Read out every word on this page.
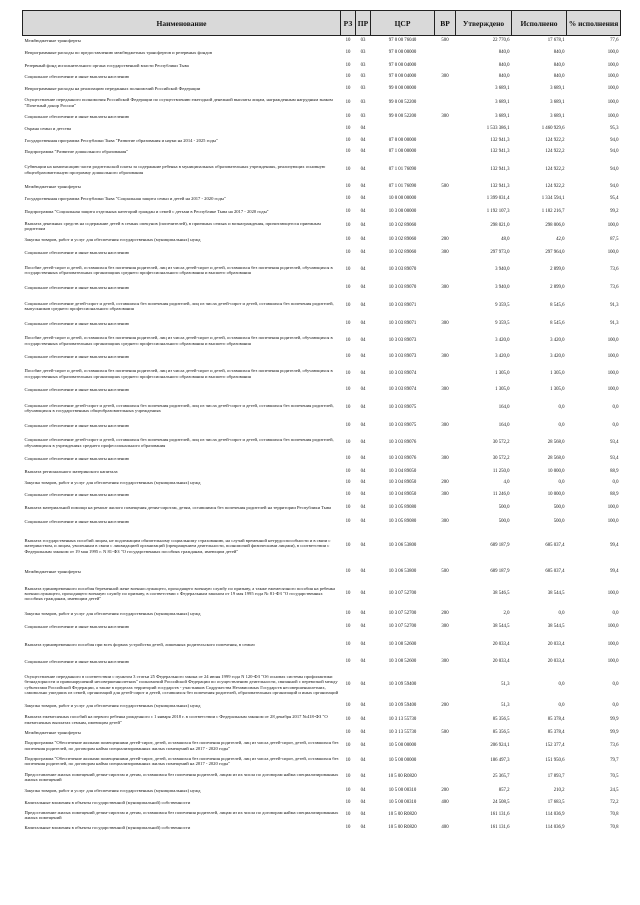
Наименование	РЗ	ПР	ЦСР	ВР	Утверждено	Исполнено	% исполнения
Межбюджетные трансферты	10	03	97 0 00 76040	500	22 770,6	17 678,1	77,6
Непрограммные расходы по предоставлению межбюджетных трансфертов и резервных фондов	10	03	97 0 00 00000		840,0	840,0	100,0
Резервный фонд исполнительного органа государственной власти Республики Тыва	10	03	97 0 00 04000		840,0	840,0	100,0
Социальное обеспечение и иные выплаты населению	10	03	97 0 00 04000	300	840,0	840,0	100,0
Непрограммные расходы на реализацию переданных полномочий Российской Федерации	10	03	99 0 00 00000		3 689,1	3 689,1	100,0
Осуществление переданного полномочия Российской Федерации по осуществлению ежегодной денежной выплаты лицам, награжденным нагрудным знаком "Почетный донор России"	10	03	99 0 00 52200		3 689,1	3 689,1	100,0
Социальное обеспечение и иные выплаты населению	10	03	99 0 00 52200	300	3 689,1	3 689,1	100,0
Охрана семьи и детства	10	04			1 533 386,1	1 460 929,6	95,3
Государственная программа Республики Тыва "Развитие образования и науки на 2014 - 2025 годы"	10	04	07 0 00 00000		132 941,3	124 922,2	94,0
Подпрограмма "Развитие дошкольного образования"	10	04	07 1 00 00000		132 941,3	124 922,2	94,0
Субвенции на компенсацию части родительской платы за содержание ребенка в муниципальных образовательных учреждениях, реализующих основную общеобразовательную программу дошкольного образования	10	04	07 1 01 76090		132 941,3	124 922,2	94,0
Межбюджетные трансферты	10	04	07 1 01 76090	500	132 941,3	124 922,2	94,0
Государственная программа Республики Тыва "Социальная защита семьи и детей на 2017 - 2020 годы"	10	04	10 0 00 00000		1 399 031,4	1 334 594,1	95,4
Подпрограмма "Социальная защита отдельных категорий граждан и семей с детьми в Республике Тыва на 2017 - 2020 годы"	10	04	10 3 00 00000		1 192 107,3	1 182 216,7	99,2
Выплата денежных средств на содержание детей в семьях опекунов (попечителей), в приемных семьях и вознаграждения, причитающегося приемным родителям	10	04	10 3 02 89060		298 021,0	298 006,0	100,0
Закупка товаров, работ и услуг для обеспечения государственных (муниципальных) нужд	10	04	10 3 02 89060	200	48,0	42,0	87,5
Социальное обеспечение и иные выплаты населению	10	04	10 3 02 89060	300	297 973,0	297 964,0	100,0
Пособие детей-сирот и детей, оставшихся без попечения родителей, лиц из числа детей-сирот и детей, оставшихся без попечения родителей, обучающихся в государственных образовательных организациях среднего профессионального образования и высшего образования	10	04	10 3 03 89070		3 940,0	2 899,0	73,6
Социальное обеспечение и иные выплаты населению	10	04	10 3 03 89070	300	3 940,0	2 899,0	73,6
Социальное обеспечение детей-сирот и детей, оставшихся без попечения родителей, лиц из числа детей-сирот и детей, оставшихся без попечения родителей, выпускников среднего профессионального образования	10	04	10 3 03 89071		9 359,5	8 545,6	91,3
Социальное обеспечение и иные выплаты населению	10	04	10 3 03 89071	300	9 359,5	8 545,6	91,3
Пособие детей-сирот и детей, оставшихся без попечения родителей, лиц из числа детей-сирот и детей, оставшихся без попечения родителей, обучающихся в государственных образовательных организациях среднего профессионального образования и высшего образования	10	04	10 3 03 89073		3 420,0	3 420,0	100,0
Социальное обеспечение и иные выплаты населению	10	04	10 3 03 89073	300	3 420,0	3 420,0	100,0
Пособие детей-сирот и детей, оставшихся без попечения родителей, лиц из числа детей-сирот и детей, оставшихся без попечения родителей, обучающихся в государственных образовательных организациях среднего профессионального образования и высшего образования	10	04	10 3 03 89074		1 305,0	1 305,0	100,0
Социальное обеспечение и иные выплаты населению	10	04	10 3 03 89074	300	1 305,0	1 305,0	100,0
Социальное обеспечение детей-сирот и детей, оставшихся без попечения родителей, лиц из числа детей-сирот и детей, оставшихся без попечения родителей, обучающихся в государственных общеобразовательных учреждениях	10	04	10 3 03 89075		164,0	0,0	0,0
Социальное обеспечение и иные выплаты населению	10	04	10 3 03 89075	300	164,0	0,0	0,0
Социальное обеспечение детей-сирот и детей, оставшихся без попечения родителей, лиц из числа детей-сирот и детей, оставшихся без попечения родителей, обучающихся в учреждениях среднего профессионального образования	10	04	10 3 03 89076		30 572,2	28 568,0	93,4
Социальное обеспечение и иные выплаты населению	10	04	10 3 03 89076	300	30 572,2	28 568,0	93,4
Выплата регионального материнского капитала	10	04	10 3 04 89050		11 250,0	10 000,0	88,9
Закупка товаров, работ и услуг для обеспечения государственных (муниципальных) нужд	10	04	10 3 04 89050	200	4,0	0,0	0,0
Социальное обеспечение и иные выплаты населению	10	04	10 3 04 89050	300	11 246,0	10 000,0	88,9
Выплата материальной помощи на ремонт жилого помещения детям-сиротам, детям, оставшимся без попечения родителей на территории Республики Тыва	10	04	10 3 05 89080		500,0	500,0	100,0
Социальное обеспечение и иные выплаты населению	10	04	10 3 05 89080	300	500,0	500,0	100,0
Выплата государственных пособий лицам, не подлежащим обязательному социальному страхованию, на случай временной нетрудоспособности и в связи с материнством, и лицам, уволенным в связи с ликвидацией организаций (прекращением деятельности, полномочий физическими лицами), в соответствии с Федеральным законом от 19 мая 1995 г. N 81-ФЗ "О государственных пособиях гражданам, имеющим детей"	10	04	10 3 06 53800		689 187,9	685 037,4	99,4
Межбюджетные трансферты	10	04	10 3 06 53800	500	689 187,9	685 037,4	99,4
Выплата единовременного пособия беременной жене военнослужащего, проходящего военную службу по призыву, а также ежемесячного пособия на ребенка военнослужащего, проходящего военную службу по призыву, в соответствии с Федеральным законом от 19 мая 1995 года № 81-ФЗ "О государственных пособиях гражданам, имеющим детей"	10	04	10 3 07 52700		38 546,5	38 544,5	100,0
Закупка товаров, работ и услуг для обеспечения государственных (муниципальных) нужд	10	04	10 3 07 52700	200	2,0	0,0	0,0
Социальное обеспечение и иные выплаты населению	10	04	10 3 07 52700	300	38 544,5	38 544,5	100,0
Выплата единовременного пособия при всех формах устройства детей, лишенных родительского попечения, в семью	10	04	10 3 08 52600		20 033,4	20 033,4	100,0
Социальное обеспечение и иные выплаты населению	10	04	10 3 08 52600	300	20 033,4	20 033,4	100,0
Осуществление переданного в соответствии с пунктом 3 статьи 25 Федерального закона от 24 июня 1999 года N 120-ФЗ "Об основах системы профилактики безнадзорности и правонарушений несовершеннолетних" полномочий Российской Федерации по осуществлению деятельности, связанной с перевозкой между субъектами Российской Федерации, а также в пределах территорий государств - участников Содружества Независимых Государств несовершеннолетних, самовольно ушедших из семей, организаций для детей-сирот и детей, оставшихся без попечения родителей, образовательных организаций и иных организаций	10	04	10 3 09 59400		51,3	0,0	0,0
Закупка товаров, работ и услуг для обеспечения государственных (муниципальных) нужд	10	04	10 3 09 59400	200	51,3	0,0	0,0
Выплата ежемесячных пособий на первого ребенка рожденного с 1 января 2018 г. в соответствии с Федеральным законом от 28 декабря 2017 №418-ФЗ "О ежемесячных выплатах семьям, имеющим детей"	10	04	10 3 13 55730		85 356,5	85 378,4	99,9
Межбюджетные трансферты	10	04	10 3 13 55730	500	85 356,5	85 378,4	99,9
Подпрограмма "Обеспечение жилыми помещениями детей-сирот, детей, оставшихся без попечения родителей, лиц из числа детей-сирот, детей, оставшихся без попечения родителей, по договорам найма специализированных жилых помещений на 2017 - 2020 годы"	10	04	10 5 00 00000		206 924,1	152 377,4	73,6
Подпрограмма "Обеспечение жилыми помещениями детей-сирот, детей, оставшихся без попечения родителей, лиц из числа детей-сирот, детей, оставшихся без попечения родителей, по договорам найма специализированных жилых помещений на 2017 - 2020 годы"	10	04	10 5 00 00000		186 497,3	151 950,6	79,7
Предоставление жилых помещений детям-сиротам и детям, оставшимся без попечения родителей, лицам из их числа по договорам найма специализированных жилых помещений	10	04	10 5 00 R0820		25 365,7	17 893,7	70,5
Закупка товаров, работ и услуг для обеспечения государственных (муниципальных) нужд	10	04	10 5 00 00310	200	857,2	210,2	24,5
Капитальные вложения в объекты государственной (муниципальной) собственности	10	04	10 5 00 00310	400	24 508,5	17 683,5	72,2
Предоставление жилых помещений детям-сиротам и детям, оставшимся без попечения родителей, лицам из их числа по договорам найма специализированных жилых помещений	10	04	10 5 00 R0820		161 131,6	114 036,9	70,8
Капитальные вложения в объекты государственной (муниципальной) собственности	10	04	10 5 00 R0820	400	161 131,6	114 036,9	70,8
